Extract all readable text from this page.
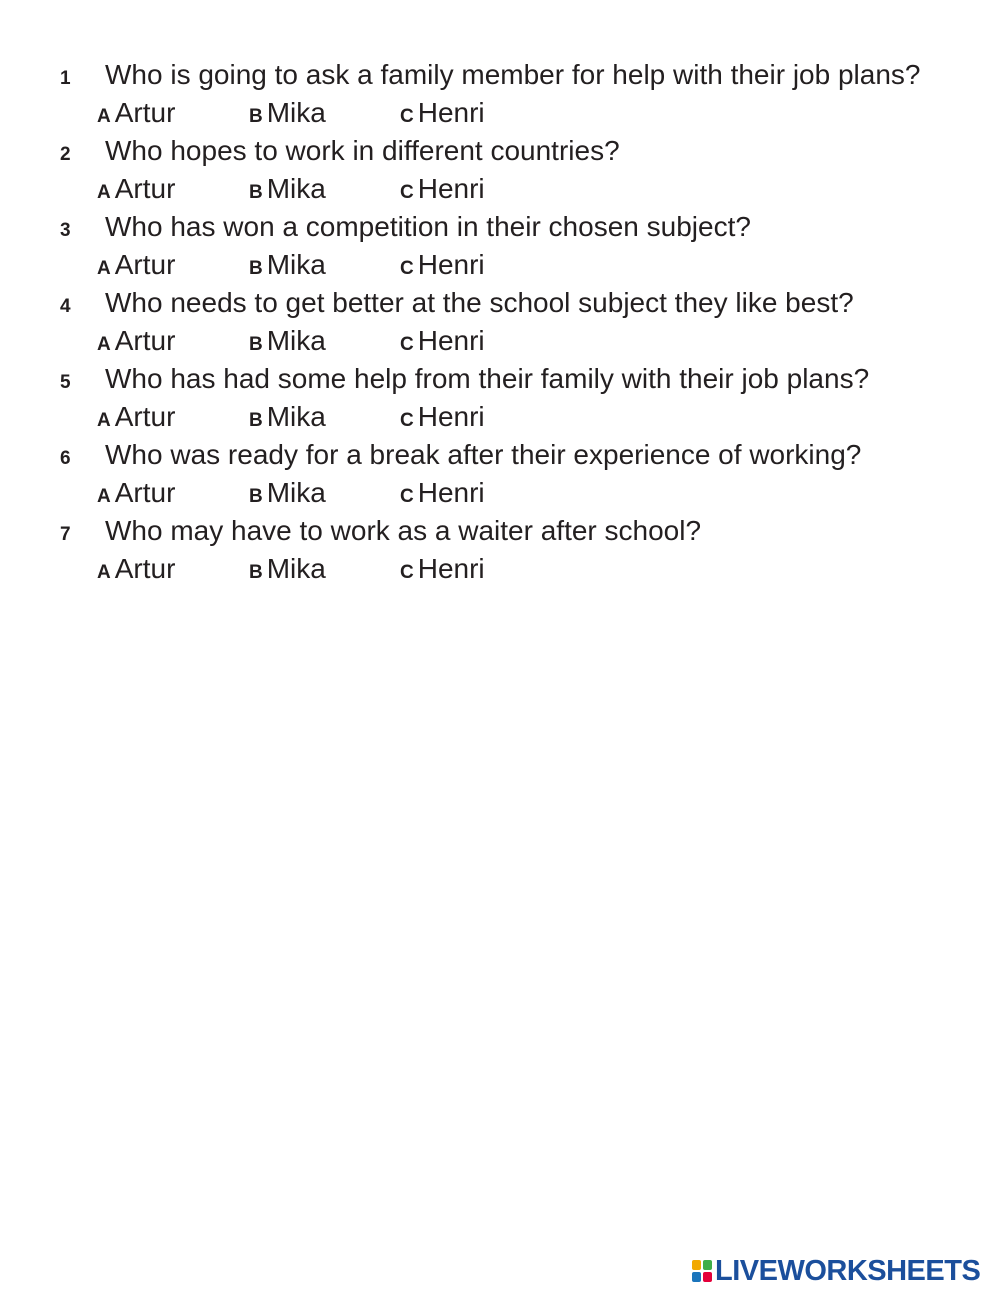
1 Who is going to ask a family member for help with their job plans?
A Artur	B Mika	C Henri
2 Who hopes to work in different countries?
A Artur	B Mika	C Henri
3 Who has won a competition in their chosen subject?
A Artur	B Mika	C Henri
4 Who needs to get better at the school subject they like best?
A Artur	B Mika	C Henri
5 Who has had some help from their family with their job plans?
A Artur	B Mika	C Henri
6 Who was ready for a break after their experience of working?
A Artur	B Mika	C Henri
7 Who may have to work as a waiter after school?
A Artur	B Mika	C Henri
LIVEWORKSHEETS
